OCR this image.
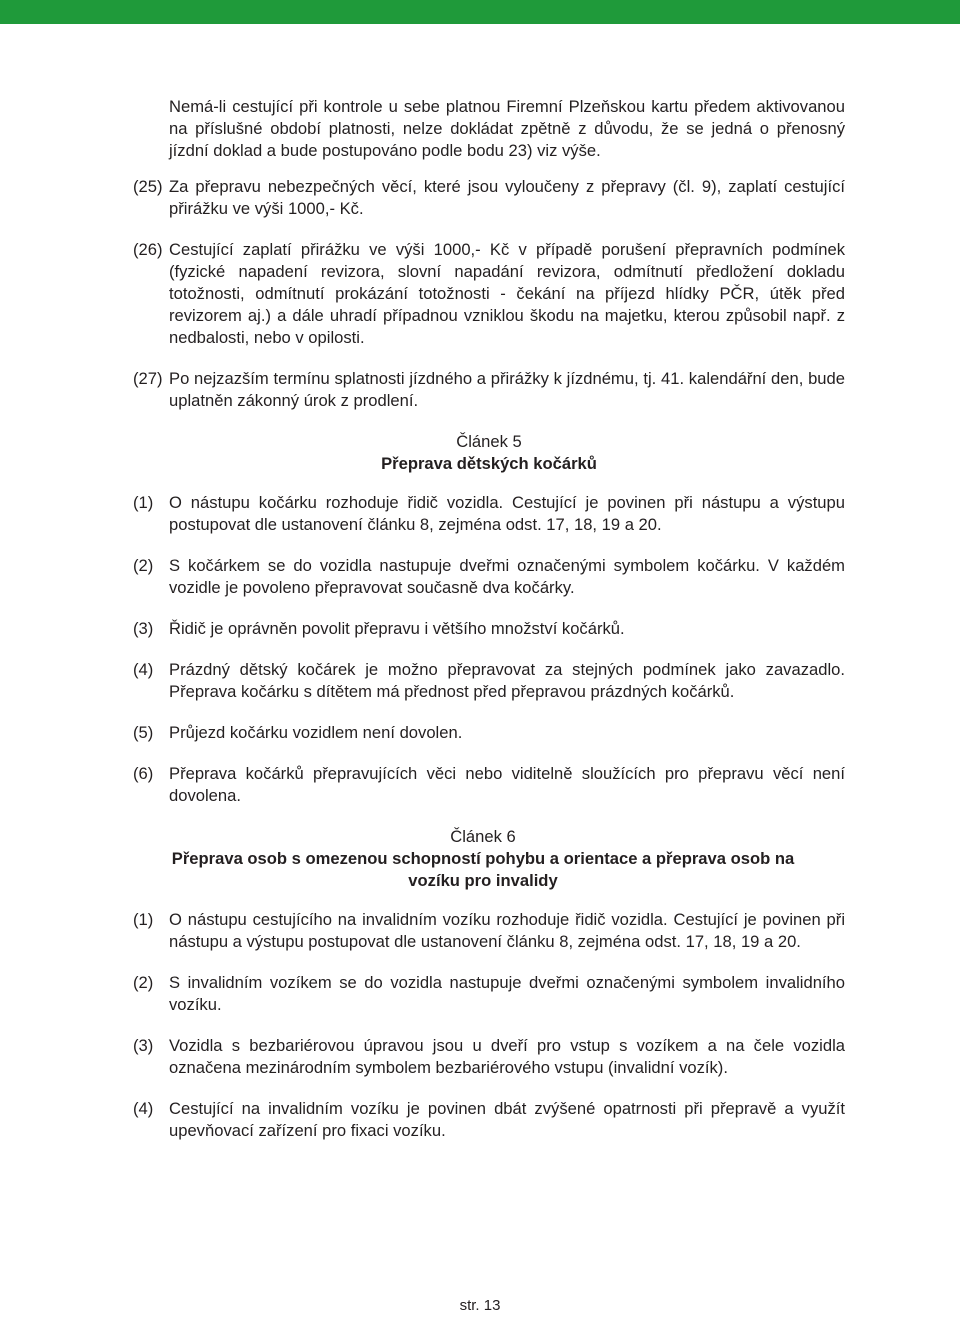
Nemá-li cestující při kontrole u sebe platnou Firemní Plzeňskou kartu předem aktivovanou na příslušné období platnosti, nelze dokládat zpětně z důvodu, že se jedná o přenosný jízdní doklad a bude postupováno podle bodu 23) viz výše.

(25) Za přepravu nebezpečných věcí, které jsou vyloučeny z přepravy (čl. 9), zaplatí cestující přirážku ve výši 1000,- Kč.
(26) Cestující zaplatí přirážku ve výši 1000,- Kč v případě porušení přepravních podmínek (fyzické napadení revizora, slovní napadání revizora, odmítnutí předložení dokladu totožnosti, odmítnutí prokázání totožnosti - čekání na příjezd hlídky PČR, útěk před revizorem aj.) a dále uhradí případnou vzniklou škodu na majetku, kterou způsobil např. z nedbalosti, nebo v opilosti.
(27) Po nejzazším termínu splatnosti jízdného a přirážky k jízdnému, tj. 41. kalendářní den, bude uplatněn zákonný úrok z prodlení.
Článek 5
Přeprava dětských kočárků
(1) O nástupu kočárku rozhoduje řidič vozidla. Cestující je povinen při nástupu a výstupu postupovat dle ustanovení článku 8, zejména odst. 17, 18, 19 a 20.
(2) S kočárkem se do vozidla nastupuje dveřmi označenými symbolem kočárku. V každém vozidle je povoleno přepravovat současně dva kočárky.
(3) Řidič je oprávněn povolit přepravu i většího množství kočárků.
(4) Prázdný dětský kočárek je možno přepravovat za stejných podmínek jako zavazadlo. Přeprava kočárku s dítětem má přednost před přepravou prázdných kočárků.
(5) Průjezd kočárku vozidlem není dovolen.
(6) Přeprava kočárků přepravujících věci nebo viditelně sloužících pro přepravu věcí není dovolena.
Článek 6
Přeprava osob s omezenou schopností pohybu a orientace a přeprava osob na
vozíku pro invalidy
(1) O nástupu cestujícího na invalidním vozíku rozhoduje řidič vozidla. Cestující je povinen při nástupu a výstupu postupovat dle ustanovení článku 8, zejména odst. 17, 18, 19 a 20.
(2) S invalidním vozíkem se do vozidla nastupuje dveřmi označenými symbolem invalidního vozíku.
(3) Vozidla s bezbariérovou úpravou jsou u dveří pro vstup s vozíkem a na čele vozidla označena mezinárodním symbolem bezbariérového vstupu (invalidní vozík).
(4) Cestující na invalidním vozíku je povinen dbát zvýšené opatrnosti při přepravě a využít upevňovací zařízení pro fixaci vozíku.
str. 13
